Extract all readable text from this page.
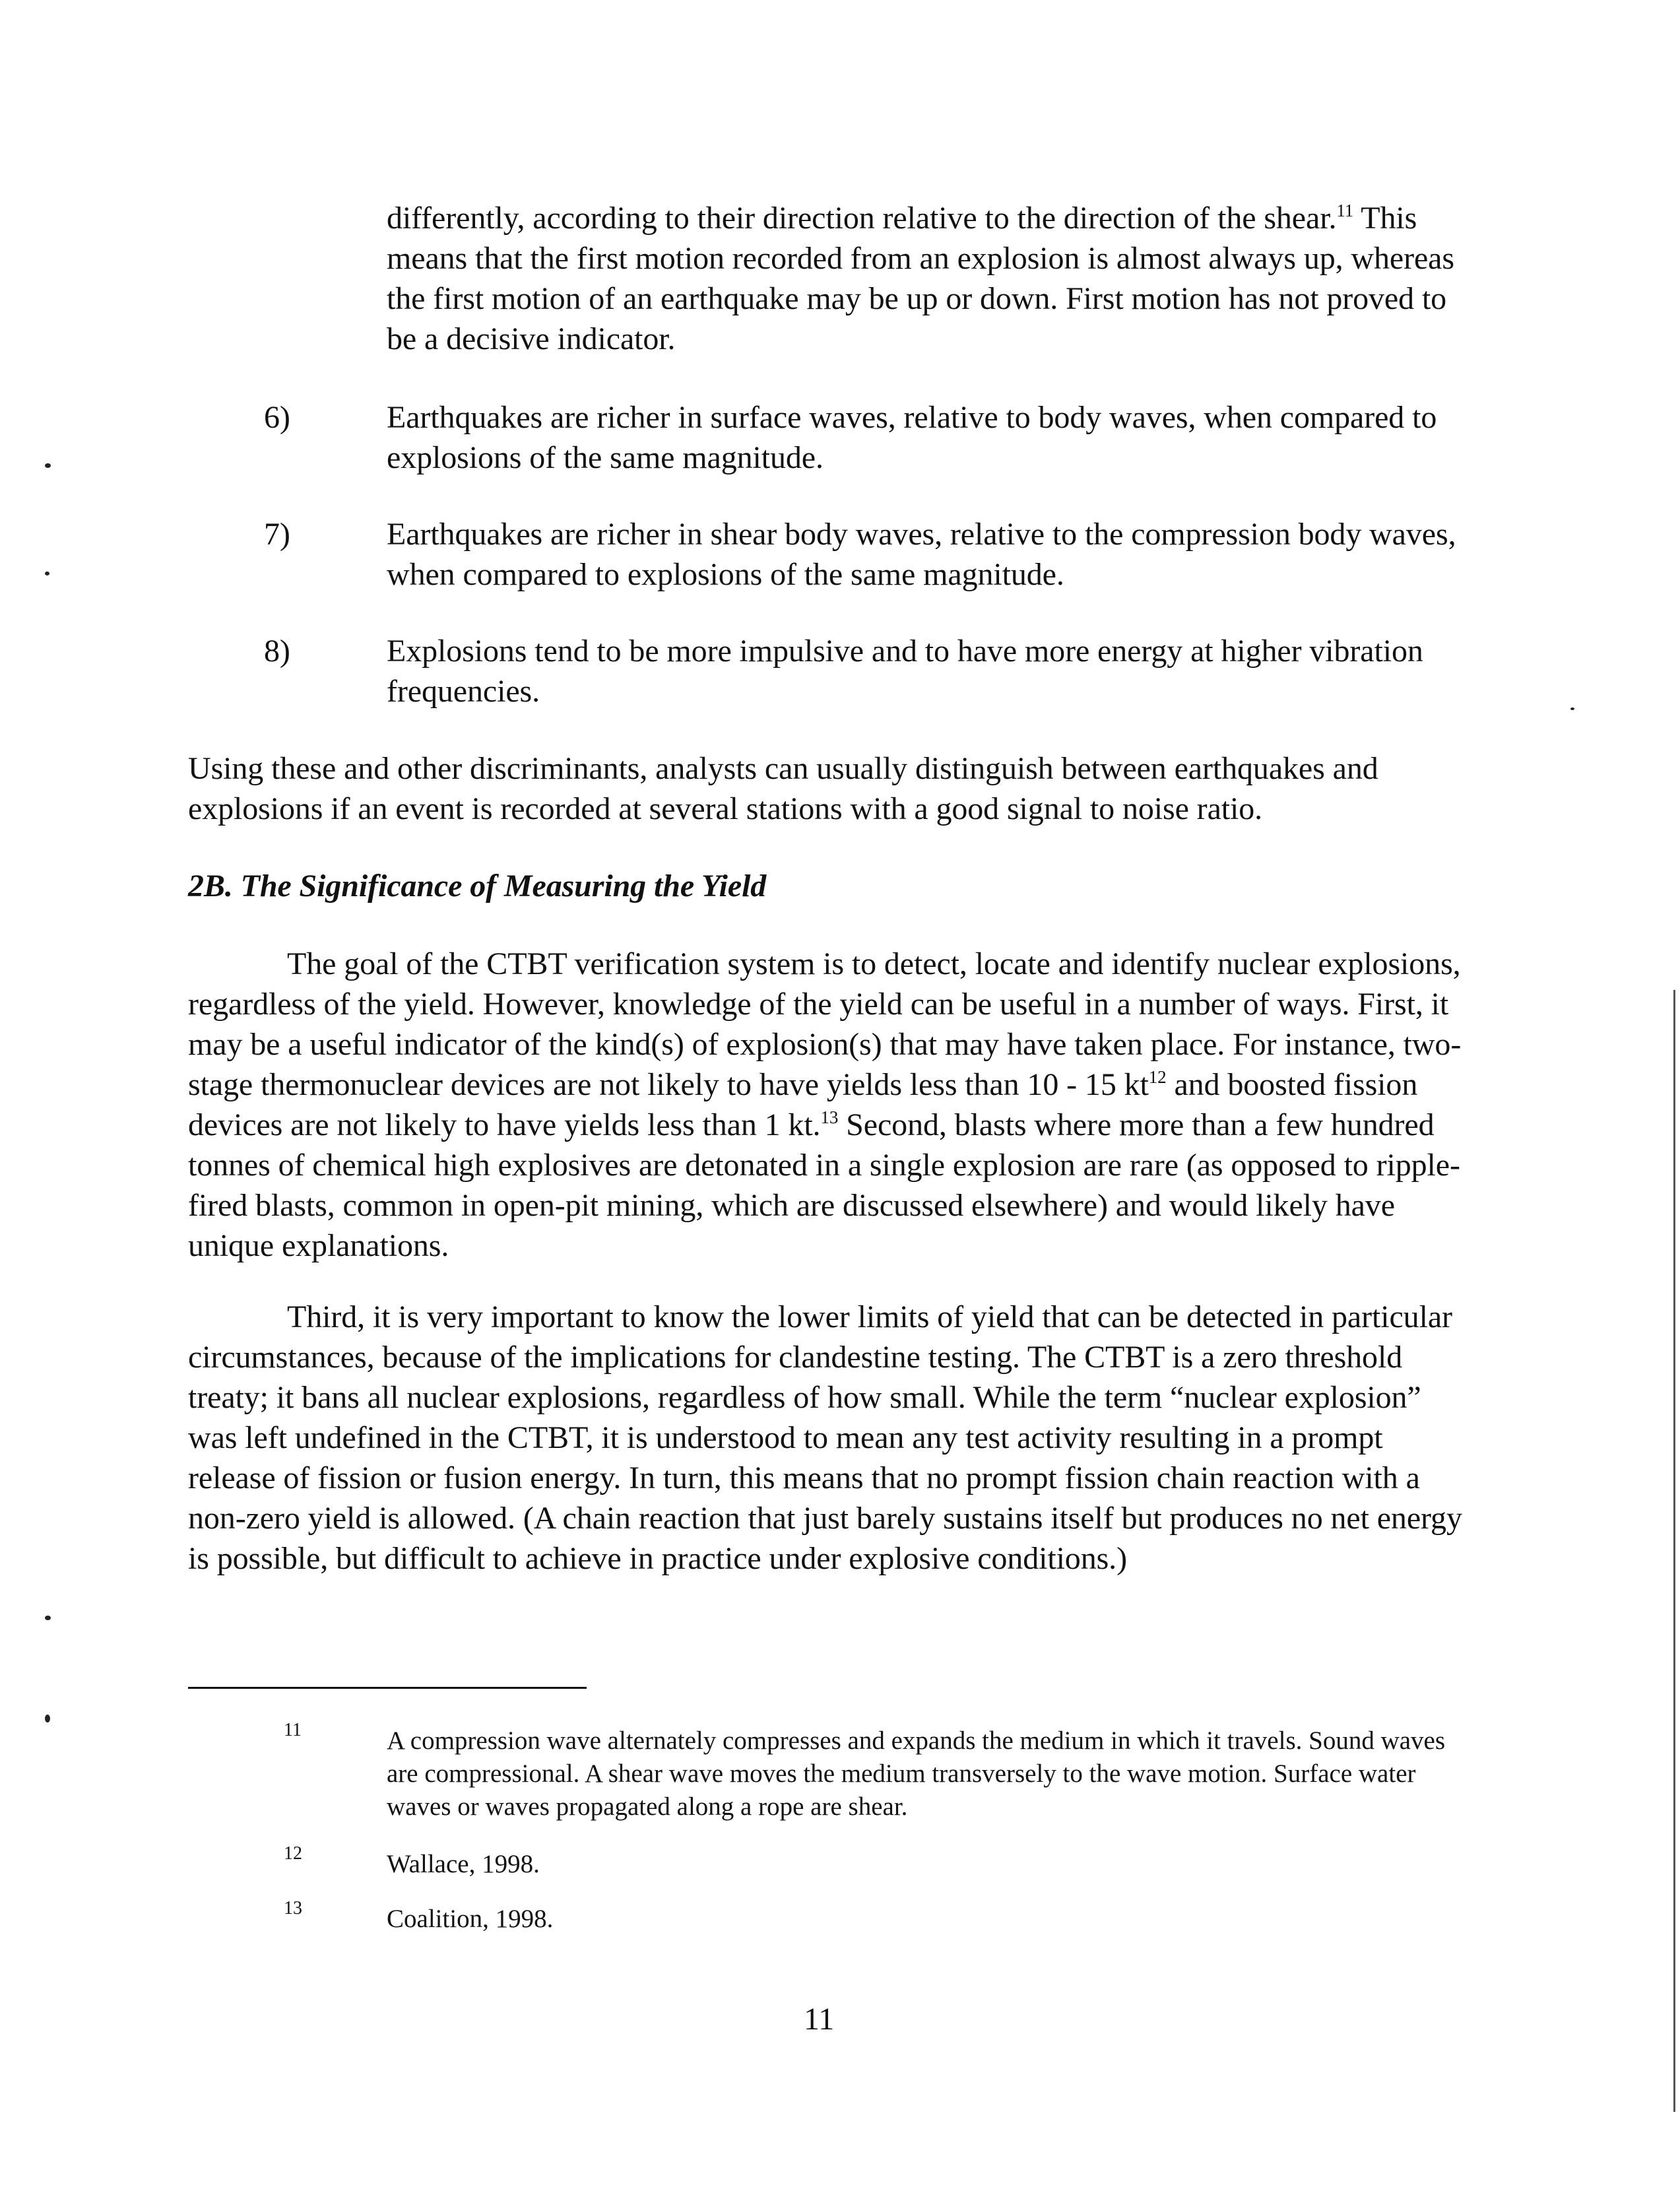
differently, according to their direction relative to the direction of the shear.$^{11}$ This means that the first motion recorded from an explosion is almost always up, whereas the first motion of an earthquake may be up or down. First motion has not proved to be a decisive indicator.
6)	Earthquakes are richer in surface waves, relative to body waves, when compared to explosions of the same magnitude.
7)	Earthquakes are richer in shear body waves, relative to the compression body waves, when compared to explosions of the same magnitude.
8)	Explosions tend to be more impulsive and to have more energy at higher vibration frequencies.
Using these and other discriminants, analysts can usually distinguish between earthquakes and explosions if an event is recorded at several stations with a good signal to noise ratio.
2B. The Significance of Measuring the Yield
The goal of the CTBT verification system is to detect, locate and identify nuclear explosions, regardless of the yield. However, knowledge of the yield can be useful in a number of ways. First, it may be a useful indicator of the kind(s) of explosion(s) that may have taken place. For instance, two-stage thermonuclear devices are not likely to have yields less than 10 - 15 $kt^{12}$ and boosted fission devices are not likely to have yields less than 1 kt.$^{13}$ Second, blasts where more than a few hundred tonnes of chemical high explosives are detonated in a single explosion are rare (as opposed to ripple-fired blasts, common in open-pit mining, which are discussed elsewhere) and would likely have unique explanations.
Third, it is very important to know the lower limits of yield that can be detected in particular circumstances, because of the implications for clandestine testing. The CTBT is a zero threshold treaty; it bans all nuclear explosions, regardless of how small. While the term “nuclear explosion” was left undefined in the CTBT, it is understood to mean any test activity resulting in a prompt release of fission or fusion energy. In turn, this means that no prompt fission chain reaction with a non-zero yield is allowed. (A chain reaction that just barely sustains itself but produces no net energy is possible, but difficult to achieve in practice under explosive conditions.)
11	A compression wave alternately compresses and expands the medium in which it travels. Sound waves are compressional. A shear wave moves the medium transversely to the wave motion. Surface water waves or waves propagated along a rope are shear.
12	Wallace, 1998.
13	Coalition, 1998.
11
